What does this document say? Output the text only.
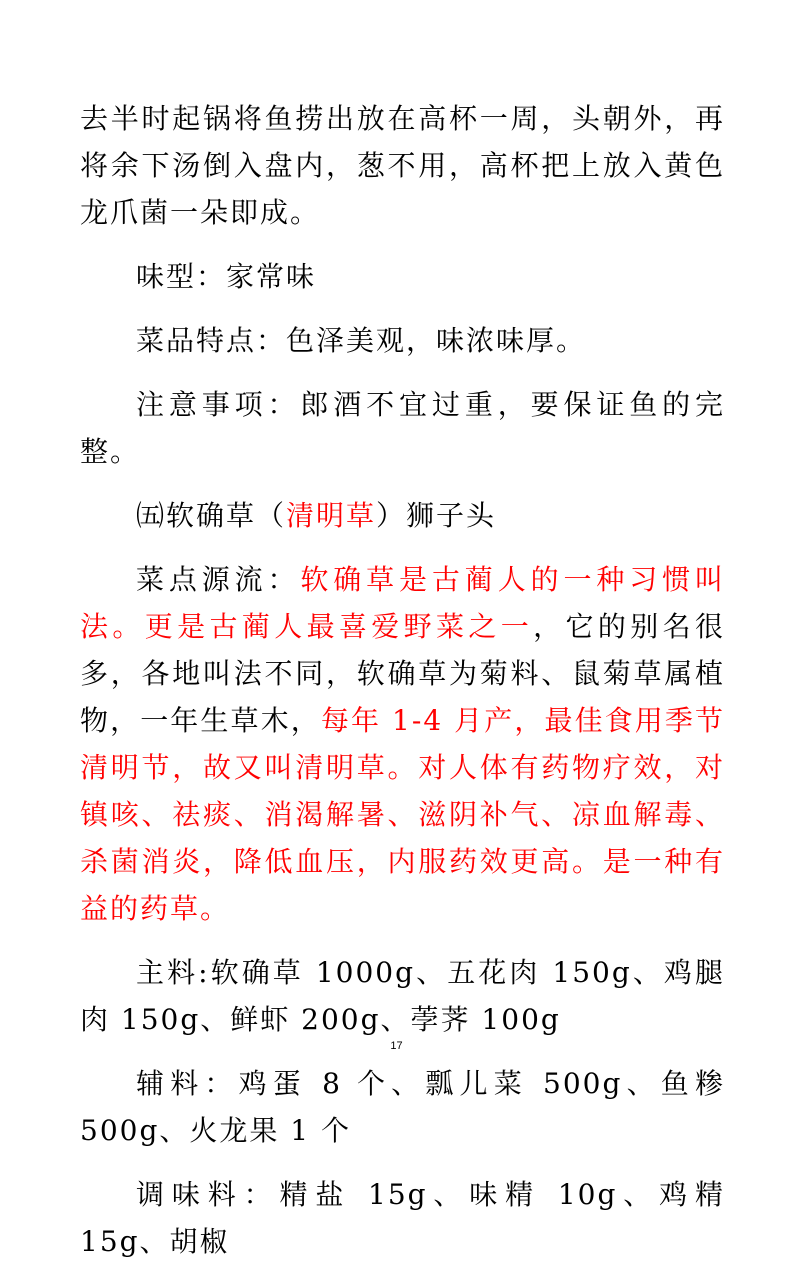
去半时起锅将鱼捞出放在高杯一周，头朝外，再将余下汤倒入盘内，葱不用，高杯把上放入黄色龙爪菌一朵即成。

味型：家常味

菜品特点：色泽美观，味浓味厚。

注意事项：郎酒不宜过重，要保证鱼的完整。

㈤软确草（清明草）狮子头

菜点源流：软确草是古蔺人的一种习惯叫法。更是古蔺人最喜爱野菜之一，它的别名很多，各地叫法不同，软确草为菊料、鼠菊草属植物，一年生草木，每年 1-4 月产，最佳食用季节清明节，故又叫清明草。对人体有药物疗效，对镇咳、祛痰、消渴解暑、滋阴补气、凉血解毒、杀菌消炎，降低血压，内服药效更高。是一种有益的药草。

主料:软确草 1000g、五花肉 150g、鸡腿肉 150g、鲜虾 200g、荸荠 100g

辅料：鸡蛋 8 个、瓢儿菜 500g、鱼糁 500g、火龙果 1 个

调味料：精盐 15g、味精 10g、鸡精 15g、胡椒

17
